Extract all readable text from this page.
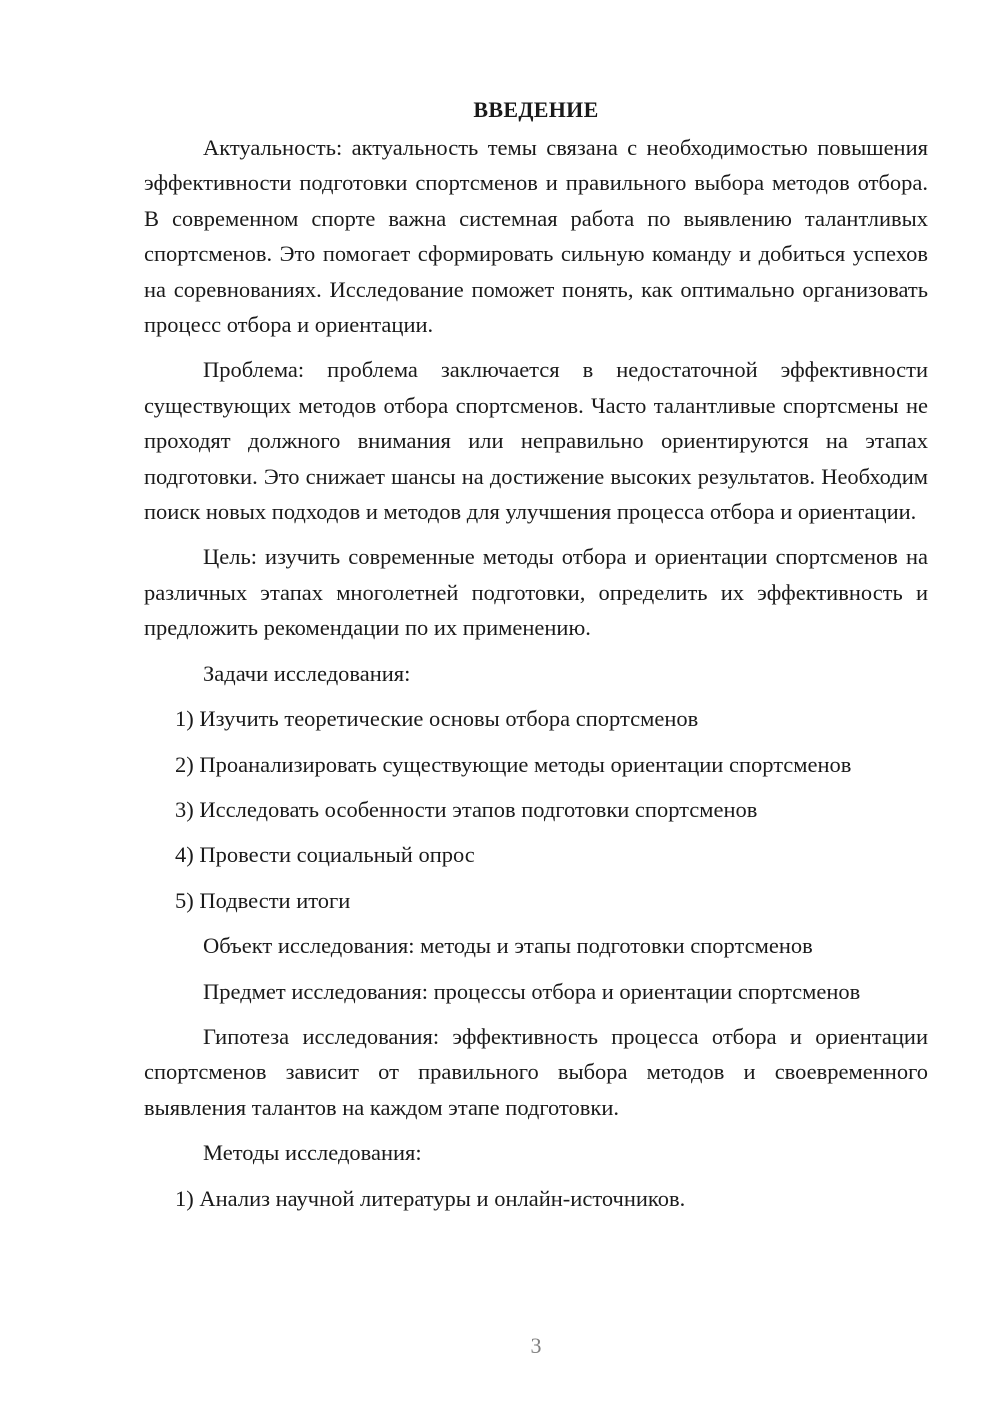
ВВЕДЕНИЕ

Актуальность: актуальность темы связана с необходимостью повышения эффективности подготовки спортсменов и правильного выбора методов отбора. В современном спорте важна системная работа по выявлению талантливых спортсменов. Это помогает сформировать сильную команду и добиться успехов на соревнованиях. Исследование поможет понять, как оптимально организовать процесс отбора и ориентации.

Проблема: проблема заключается в недостаточной эффективности существующих методов отбора спортсменов. Часто талантливые спортсмены не проходят должного внимания или неправильно ориентируются на этапах подготовки. Это снижает шансы на достижение высоких результатов. Необходим поиск новых подходов и методов для улучшения процесса отбора и ориентации.

Цель: изучить современные методы отбора и ориентации спортсменов на различных этапах многолетней подготовки, определить их эффективность и предложить рекомендации по их применению.

Задачи исследования:

1) Изучить теоретические основы отбора спортсменов
2) Проанализировать существующие методы ориентации спортсменов
3) Исследовать особенности этапов подготовки спортсменов
4) Провести социальный опрос
5) Подвести итоги

Объект исследования: методы и этапы подготовки спортсменов

Предмет исследования: процессы отбора и ориентации спортсменов

Гипотеза исследования: эффективность процесса отбора и ориентации спортсменов зависит от правильного выбора методов и своевременного выявления талантов на каждом этапе подготовки.

Методы исследования:

1) Анализ научной литературы и онлайн-источников.
3
